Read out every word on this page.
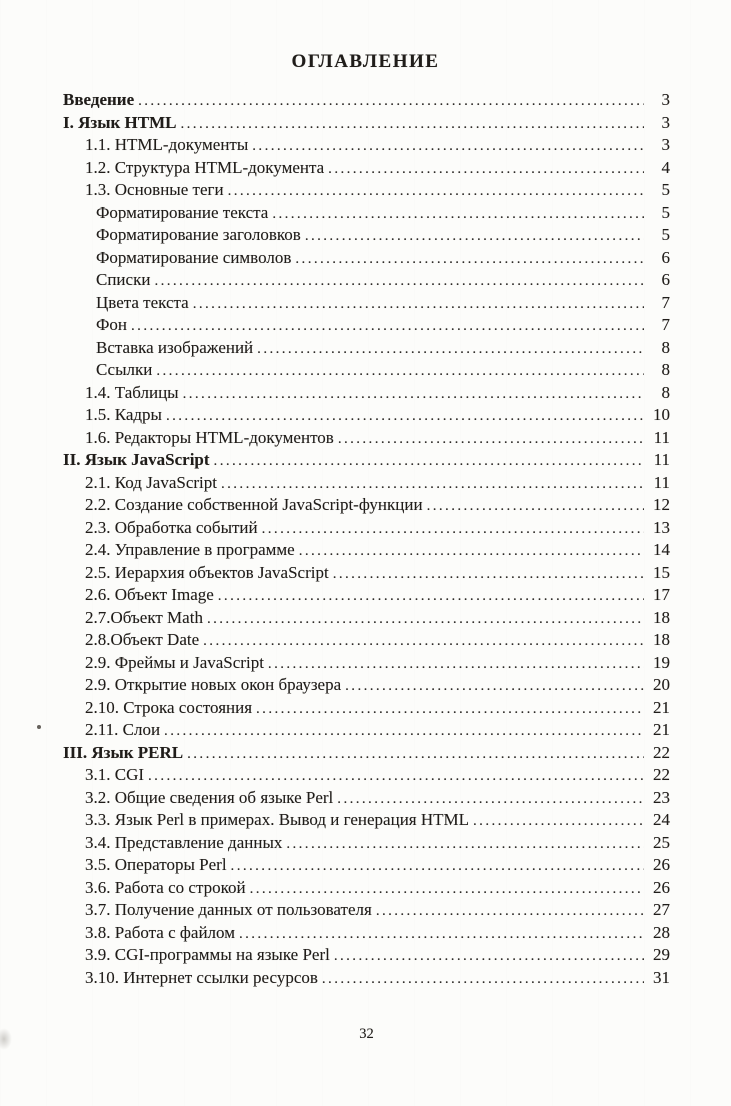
ОГЛАВЛЕНИЕ
Введение .....	3
I. Язык HTML .....	3
1.1. HTML-документы .....	3
1.2. Структура HTML-документа .....	4
1.3. Основные теги .....	5
Форматирование текста .....	5
Форматирование заголовков .....	5
Форматирование символов .....	6
Списки .....	6
Цвета текста .....	7
Фон .....	7
Вставка изображений .....	8
Ссылки .....	8
1.4. Таблицы .....	8
1.5. Кадры .....	10
1.6. Редакторы HTML-документов .....	11
II. Язык JavaScript .....	11
2.1. Код JavaScript .....	11
2.2. Создание собственной JavaScript-функции .....	12
2.3. Обработка событий .....	13
2.4. Управление в программе .....	14
2.5. Иерархия объектов JavaScript .....	15
2.6. Объект Image .....	17
2.7.Объект Math .....	18
2.8.Объект Date .....	18
2.9. Фреймы и JavaScript .....	19
2.9. Открытие новых окон браузера .....	20
2.10. Строка состояния .....	21
2.11. Слои .....	21
III. Язык PERL .....	22
3.1. CGI .....	22
3.2. Общие сведения об языке Perl .....	23
3.3. Язык Perl в примерах. Вывод и генерация HTML .....	24
3.4. Представление данных .....	25
3.5. Операторы Perl .....	26
3.6. Работа со строкой .....	26
3.7. Получение данных от пользователя .....	27
3.8. Работа с файлом .....	28
3.9. CGI-программы на языке Perl .....	29
3.10. Интернет ссылки ресурсов .....	31
32
